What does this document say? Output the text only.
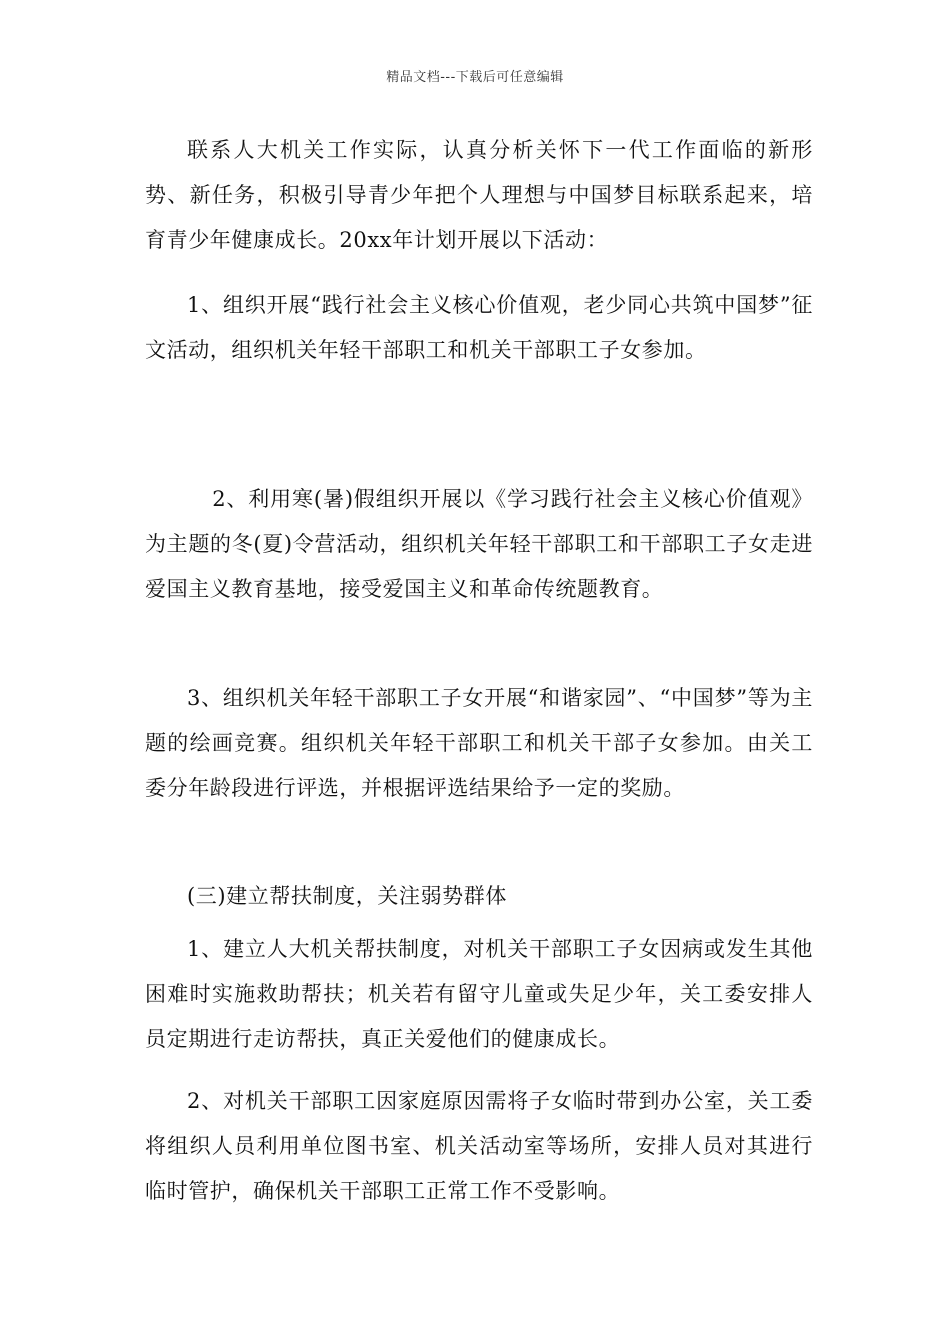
精品文档---下载后可任意编辑

联系人大机关工作实际，认真分析关怀下一代工作面临的新形势、新任务，积极引导青少年把个人理想与中国梦目标联系起来，培育青少年健康成长。20xx年计划开展以下活动：

1、组织开展“践行社会主义核心价值观，老少同心共筑中国梦”征文活动，组织机关年轻干部职工和机关干部职工子女参加。

2、利用寒(暑)假组织开展以《学习践行社会主义核心价值观》为主题的冬(夏)令营活动，组织机关年轻干部职工和干部职工子女走进爱国主义教育基地，接受爱国主义和革命传统题教育。

3、组织机关年轻干部职工子女开展“和谐家园”、“中国梦”等为主题的绘画竞赛。组织机关年轻干部职工和机关干部子女参加。由关工委分年龄段进行评选，并根据评选结果给予一定的奖励。

(三)建立帮扶制度，关注弱势群体

1、建立人大机关帮扶制度，对机关干部职工子女因病或发生其他困难时实施救助帮扶；机关若有留守儿童或失足少年，关工委安排人员定期进行走访帮扶，真正关爱他们的健康成长。

2、对机关干部职工因家庭原因需将子女临时带到办公室，关工委将组织人员利用单位图书室、机关活动室等场所，安排人员对其进行临时管护，确保机关干部职工正常工作不受影响。
